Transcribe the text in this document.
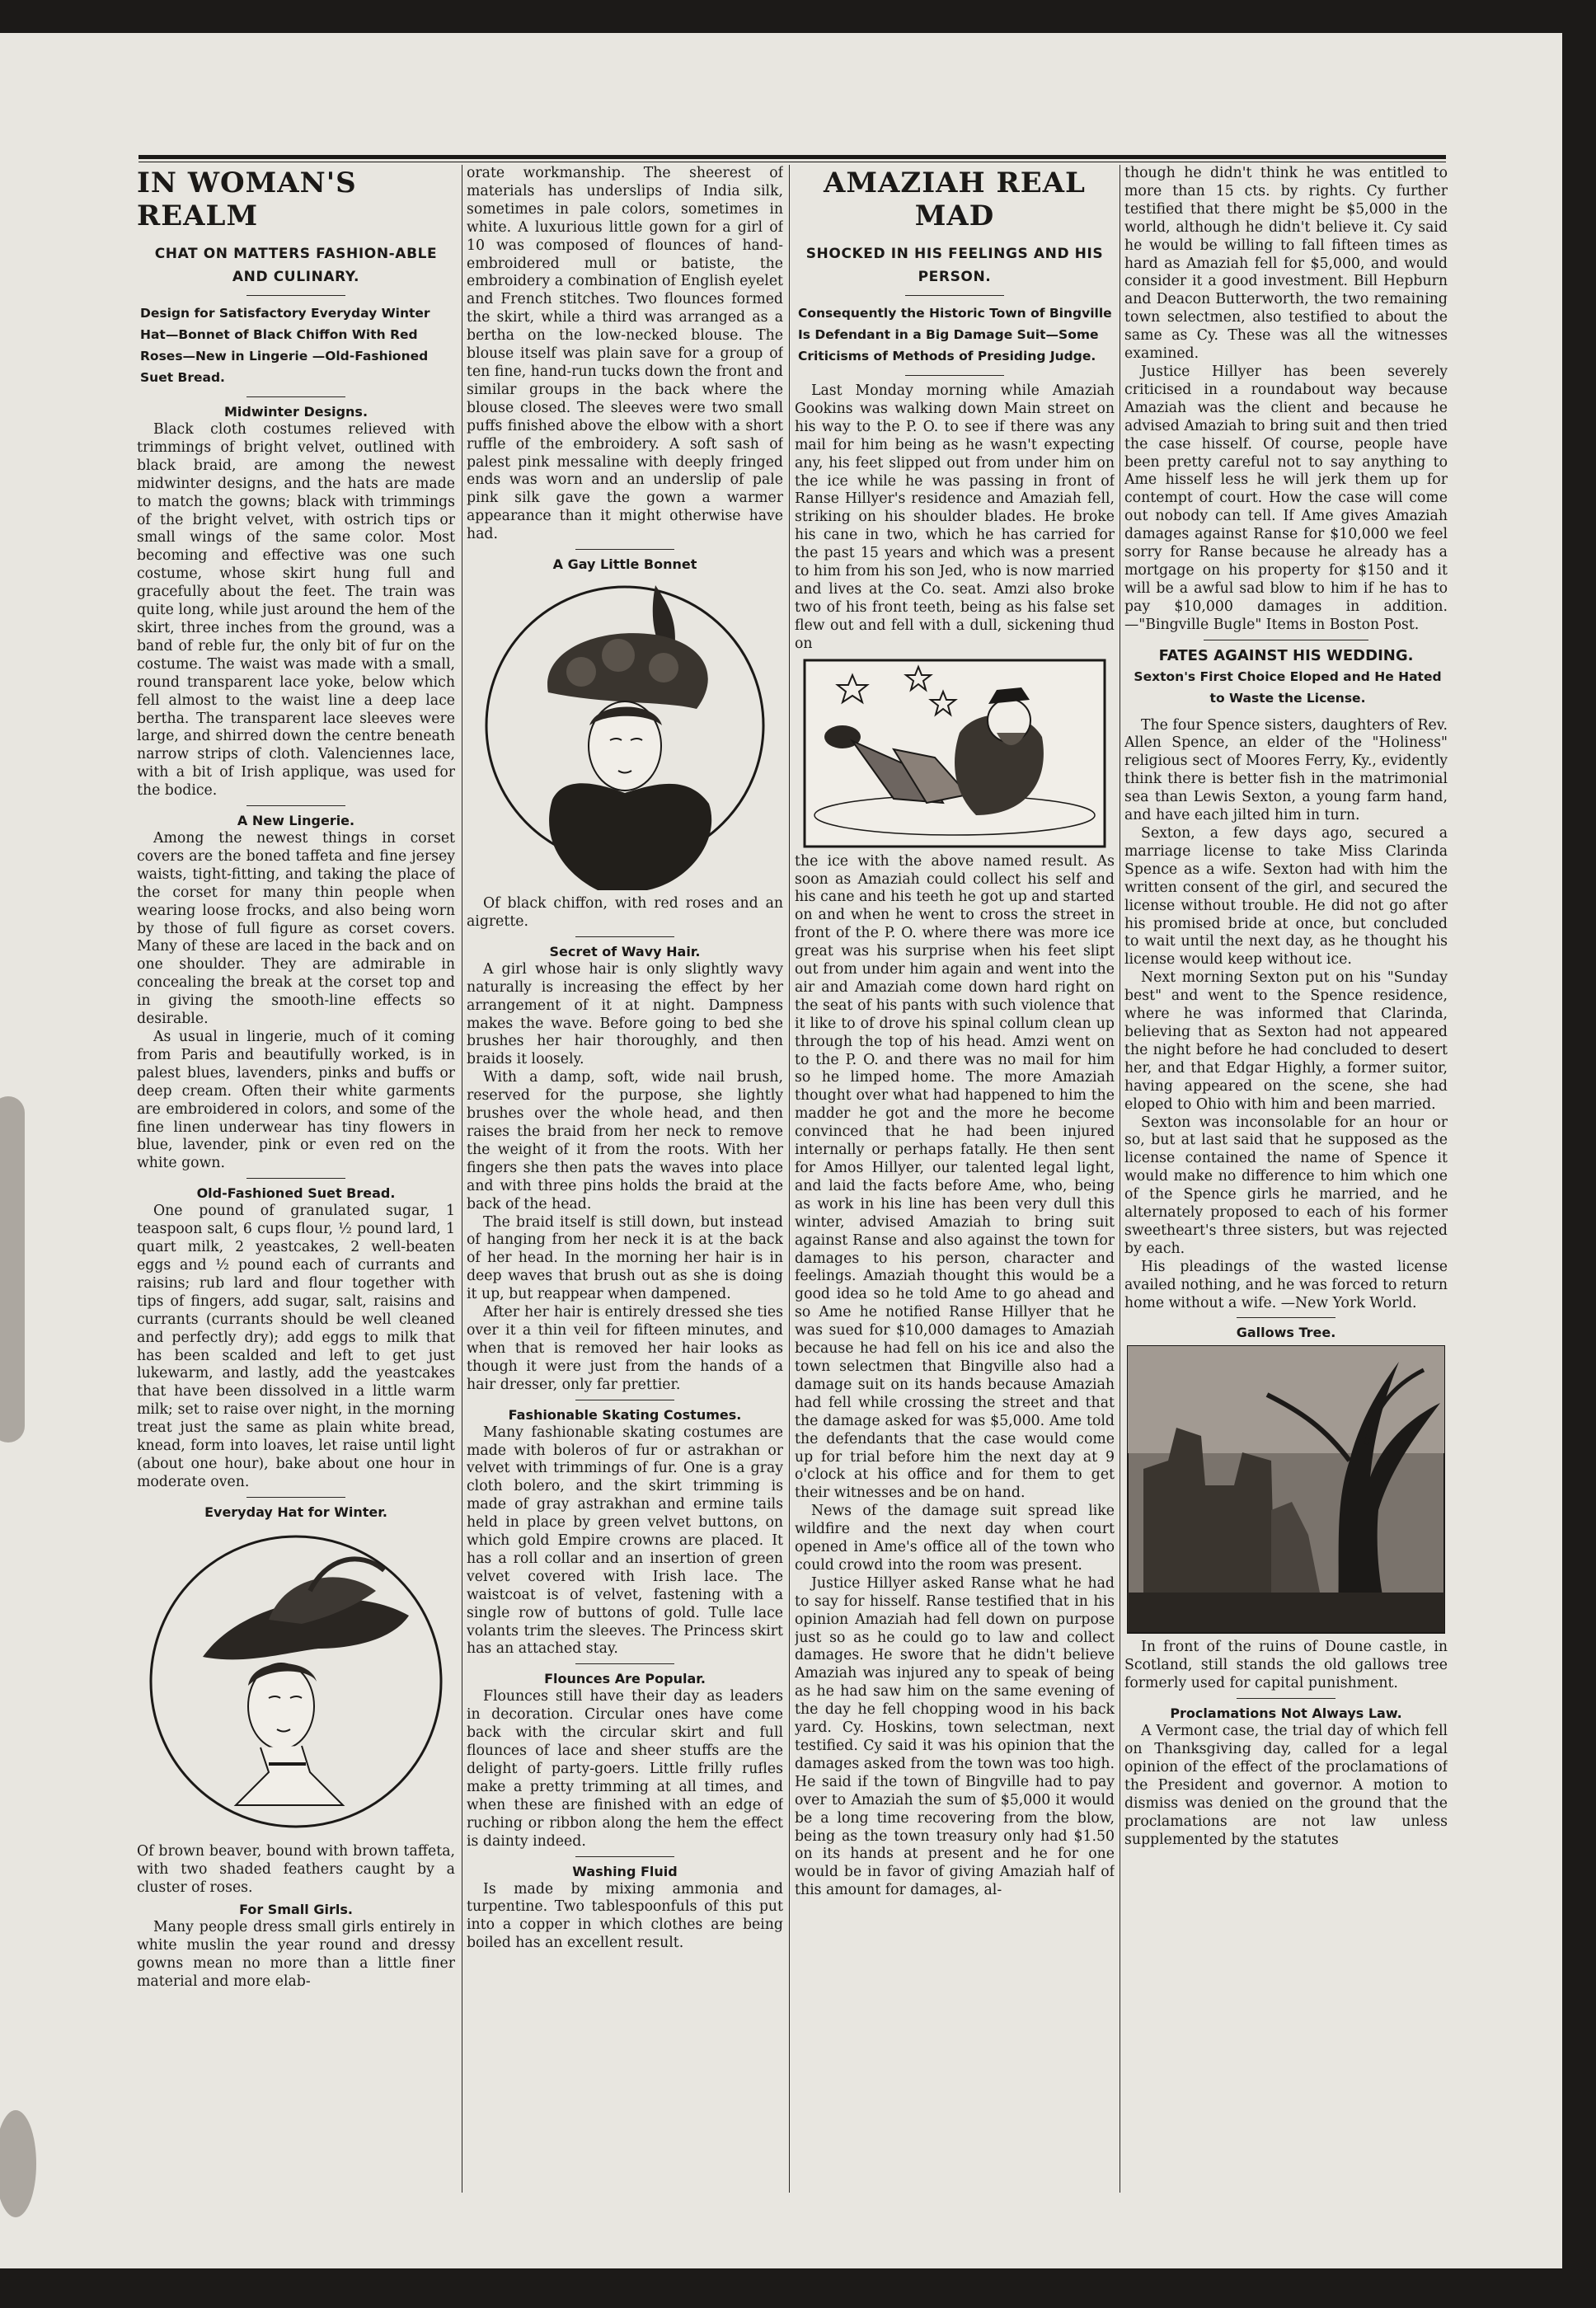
IN WOMAN'S REALM
CHAT ON MATTERS FASHION-ABLE AND CULINARY.
Design for Satisfactory Everyday Winter Hat—Bonnet of Black Chiffon With Red Roses—New in Lingerie —Old-Fashioned Suet Bread.
Midwinter Designs.

Black cloth costumes relieved with trimmings of bright velvet, outlined with black braid, are among the newest midwinter designs, and the hats are made to match the gowns; black with trimmings of the bright velvet, with ostrich tips or small wings of the same color. Most becoming and effective was one such costume, whose skirt hung full and gracefully about the feet. The train was quite long, while just around the hem of the skirt, three inches from the ground, was a band of reble fur, the only bit of fur on the costume. The waist was made with a small, round transparent lace yoke, below which fell almost to the waist line a deep lace bertha. The transparent lace sleeves were large, and shirred down the centre beneath narrow strips of cloth. Valenciennes lace, with a bit of Irish applique, was used for the bodice.

A New Lingerie.

Among the newest things in corset covers are the boned taffeta and fine jersey waists, tight-fitting, and taking the place of the corset for many thin people when wearing loose frocks, and also being worn by those of full figure as corset covers. Many of these are laced in the back and on one shoulder. They are admirable in concealing the break at the corset top and in giving the smooth-line effects so desirable.

As usual in lingerie, much of it coming from Paris and beautifully worked, is in palest blues, lavenders, pinks and buffs or deep cream. Often their white garments are embroidered in colors, and some of the fine linen underwear has tiny flowers in blue, lavender, pink or even red on the white gown.

Old-Fashioned Suet Bread.

One pound of granulated sugar, 1 teaspoon salt, 6 cups flour, ½ pound lard, 1 quart milk, 2 yeastcakes, 2 well-beaten eggs and ½ pound each of currants and raisins; rub lard and flour together with tips of fingers, add sugar, salt, raisins and currants (currants should be well cleaned and perfectly dry); add eggs to milk that has been scalded and left to get just lukewarm, and lastly, add the yeastcakes that have been dissolved in a little warm milk; set to raise over night, in the morning treat just the same as plain white bread, knead, form into loaves, let raise until light (about one hour), bake about one hour in moderate oven.

Everyday Hat for Winter.

Of brown beaver, bound with brown taffeta, with two shaded feathers caught by a cluster of roses.

For Small Girls.

Many people dress small girls entirely in white muslin the year round and dressy gowns mean no more than a little finer material and more elab-

orate workmanship. The sheerest of materials has underslips of India silk, sometimes in pale colors, sometimes in white. A luxurious little gown for a girl of 10 was composed of flounces of hand-embroidered mull or batiste, the embroidery a combination of English eyelet and French stitches. Two flounces formed the skirt, while a third was arranged as a bertha on the low-necked blouse. The blouse itself was plain save for a group of ten fine, hand-run tucks down the front and similar groups in the back where the blouse closed. The sleeves were two small puffs finished above the elbow with a short ruffle of the embroidery. A soft sash of palest pink messaline with deeply fringed ends was worn and an underslip of pale pink silk gave the gown a warmer appearance than it might otherwise have had.

A Gay Little Bonnet

Of black chiffon, with red roses and an aigrette.

Secret of Wavy Hair.

A girl whose hair is only slightly wavy naturally is increasing the effect by her arrangement of it at night. Dampness makes the wave. Before going to bed she brushes her hair thoroughly, and then braids it loosely.

With a damp, soft, wide nail brush, reserved for the purpose, she lightly brushes over the whole head, and then raises the braid from her neck to remove the weight of it from the roots. With her fingers she then pats the waves into place and with three pins holds the braid at the back of the head.

The braid itself is still down, but instead of hanging from her neck it is at the back of her head. In the morning her hair is in deep waves that brush out as she is doing it up, but reappear when dampened.

After her hair is entirely dressed she ties over it a thin veil for fifteen minutes, and when that is removed her hair looks as though it were just from the hands of a hair dresser, only far prettier.

Fashionable Skating Costumes.

Many fashionable skating costumes are made with boleros of fur or astrakhan or velvet with trimmings of fur. One is a gray cloth bolero, and the skirt trimming is made of gray astrakhan and ermine tails held in place by green velvet buttons, on which gold Empire crowns are placed. It has a roll collar and an insertion of green velvet covered with Irish lace. The waistcoat is of velvet, fastening with a single row of buttons of gold. Tulle lace volants trim the sleeves. The Princess skirt has an attached stay.

Flounces Are Popular.

Flounces still have their day as leaders in decoration. Circular ones have come back with the circular skirt and full flounces of lace and sheer stuffs are the delight of party-goers. Little frilly rufles make a pretty trimming at all times, and when these are finished with an edge of ruching or ribbon along the hem the effect is dainty indeed.

Washing Fluid

Is made by mixing ammonia and turpentine. Two tablespoonfuls of this put into a copper in which clothes are being boiled has an excellent result.

AMAZIAH REAL MAD
SHOCKED IN HIS FEELINGS AND HIS PERSON.
Consequently the Historic Town of Bingville Is Defendant in a Big Damage Suit—Some Criticisms of Methods of Presiding Judge.

Last Monday morning while Amaziah Gookins was walking down Main street on his way to the P. O. to see if there was any mail for him being as he wasn't expecting any, his feet slipped out from under him on the ice while he was passing in front of Ranse Hillyer's residence and Amaziah fell, striking on his shoulder blades. He broke his cane in two, which he has carried for the past 15 years and which was a present to him from his son Jed, who is now married and lives at the Co. seat. Amzi also broke two of his front teeth, being as his false set flew out and fell with a dull, sickening thud on

the ice with the above named result. As soon as Amaziah could collect his self and his cane and his teeth he got up and started on and when he went to cross the street in front of the P. O. where there was more ice great was his surprise when his feet slipt out from under him again and went into the air and Amaziah come down hard right on the seat of his pants with such violence that it like to of drove his spinal collum clean up through the top of his head. Amzi went on to the P. O. and there was no mail for him so he limped home. The more Amaziah thought over what had happened to him the madder he got and the more he become convinced that he had been injured internally or perhaps fatally. He then sent for Amos Hillyer, our talented legal light, and laid the facts before Ame, who, being as work in his line has been very dull this winter, advised Amaziah to bring suit against Ranse and also against the town for damages to his person, character and feelings. Amaziah thought this would be a good idea so he told Ame to go ahead and so Ame he notified Ranse Hillyer that he was sued for $10,000 damages to Amaziah because he had fell on his ice and also the town selectmen that Bingville also had a damage suit on its hands because Amaziah had fell while crossing the street and that the damage asked for was $5,000. Ame told the defendants that the case would come up for trial before him the next day at 9 o'clock at his office and for them to get their witnesses and be on hand.

News of the damage suit spread like wildfire and the next day when court opened in Ame's office all of the town who could crowd into the room was present.

Justice Hillyer asked Ranse what he had to say for hisself. Ranse testified that in his opinion Amaziah had fell down on purpose just so as he could go to law and collect damages. He swore that he didn't believe Amaziah was injured any to speak of being as he had saw him on the same evening of the day he fell chopping wood in his back yard. Cy. Hoskins, town selectman, next testified. Cy said it was his opinion that the damages asked from the town was too high. He said if the town of Bingville had to pay over to Amaziah the sum of $5,000 it would be a long time recovering from the blow, being as the town treasury only had $1.50 on its hands at present and he for one would be in favor of giving Amaziah half of this amount for damages, al-

though he didn't think he was entitled to more than 15 cts. by rights. Cy further testified that there might be $5,000 in the world, although he didn't believe it. Cy said he would be willing to fall fifteen times as hard as Amaziah fell for $5,000, and would consider it a good investment. Bill Hepburn and Deacon Butterworth, the two remaining town selectmen, also testified to about the same as Cy. These was all the witnesses examined.

Justice Hillyer has been severely criticised in a roundabout way because Amaziah was the client and because he advised Amaziah to bring suit and then tried the case hisself. Of course, people have been pretty careful not to say anything to Ame hisself less he will jerk them up for contempt of court. How the case will come out nobody can tell. If Ame gives Amaziah damages against Ranse for $10,000 we feel sorry for Ranse because he already has a mortgage on his property for $150 and it will be a awful sad blow to him if he has to pay $10,000 damages in addition.—"Bingville Bugle" Items in Boston Post.

FATES AGAINST HIS WEDDING.
Sexton's First Choice Eloped and He Hated to Waste the License.

The four Spence sisters, daughters of Rev. Allen Spence, an elder of the "Holiness" religious sect of Moores Ferry, Ky., evidently think there is better fish in the matrimonial sea than Lewis Sexton, a young farm hand, and have each jilted him in turn.

Sexton, a few days ago, secured a marriage license to take Miss Clarinda Spence as a wife. Sexton had with him the written consent of the girl, and secured the license without trouble. He did not go after his promised bride at once, but concluded to wait until the next day, as he thought his license would keep without ice.

Next morning Sexton put on his "Sunday best" and went to the Spence residence, where he was informed that Clarinda, believing that as Sexton had not appeared the night before he had concluded to desert her, and that Edgar Highly, a former suitor, having appeared on the scene, she had eloped to Ohio with him and been married.

Sexton was inconsolable for an hour or so, but at last said that he supposed as the license contained the name of Spence it would make no difference to him which one of the Spence girls he married, and he alternately proposed to each of his former sweetheart's three sisters, but was rejected by each.

His pleadings of the wasted license availed nothing, and he was forced to return home without a wife. —New York World.

Gallows Tree.

In front of the ruins of Doune castle, in Scotland, still stands the old gallows tree formerly used for capital punishment.

Proclamations Not Always Law.

A Vermont case, the trial day of which fell on Thanksgiving day, called for a legal opinion of the effect of the proclamations of the President and governor. A motion to dismiss was denied on the ground that the proclamations are not law unless supplemented by the statutes
